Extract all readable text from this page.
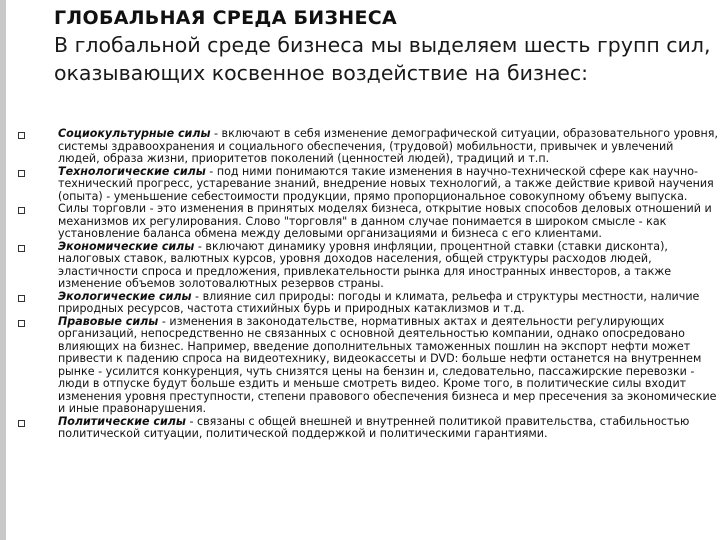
ГЛОБАЛЬНАЯ СРЕДА БИЗНЕСА
В глобальной среде бизнеса мы выделяем шесть групп сил, оказывающих косвенное воздействие на бизнес:
Социокультурные силы - включают в себя изменение демографической ситуации, образовательного уровня, системы здравоохранения и социального обеспечения, (трудовой) мобильности, привычек и увлечений людей, образа жизни, приоритетов поколений (ценностей людей), традиций и т.п.
Технологические силы - под ними понимаются такие изменения в научно-технической сфере как научно-технический прогресс, устаревание знаний, внедрение новых технологий, а также действие кривой научения (опыта) - уменьшение себестоимости продукции, прямо пропорциональное совокупному объему выпуска.
Силы торговли - это изменения в принятых моделях бизнеса, открытие новых способов деловых отношений и механизмов их регулирования. Слово "торговля" в данном случае понимается в широком смысле - как установление баланса обмена между деловыми организациями и бизнеса с его клиентами.
Экономические силы - включают динамику уровня инфляции, процентной ставки (ставки дисконта), налоговых ставок, валютных курсов, уровня доходов населения, общей структуры расходов людей, эластичности спроса и предложения, привлекательности рынка для иностранных инвесторов, а также изменение объемов золотовалютных резервов страны.
Экологические силы - влияние сил природы: погоды и климата, рельефа и структуры местности, наличие природных ресурсов, частота стихийных бурь и природных катаклизмов и т.д.
Правовые силы - изменения в законодательстве, нормативных актах и деятельности регулирующих организаций, непосредственно не связанных с основной деятельностью компании, однако опосредовано влияющих на бизнес. Например, введение дополнительных таможенных пошлин на экспорт нефти может привести к падению спроса на видеотехнику, видеокассеты и DVD: больше нефти останется на внутреннем рынке - усилится конкуренция, чуть снизятся цены на бензин и, следовательно, пассажирские перевозки - люди в отпуске будут больше ездить и меньше смотреть видео. Кроме того, в политические силы входит изменения уровня преступности, степени правового обеспечения бизнеса и мер пресечения за экономические и иные правонарушения.
Политические силы - связаны с общей внешней и внутренней политикой правительства, стабильностью политической ситуации, политической поддержкой и политическими гарантиями.
